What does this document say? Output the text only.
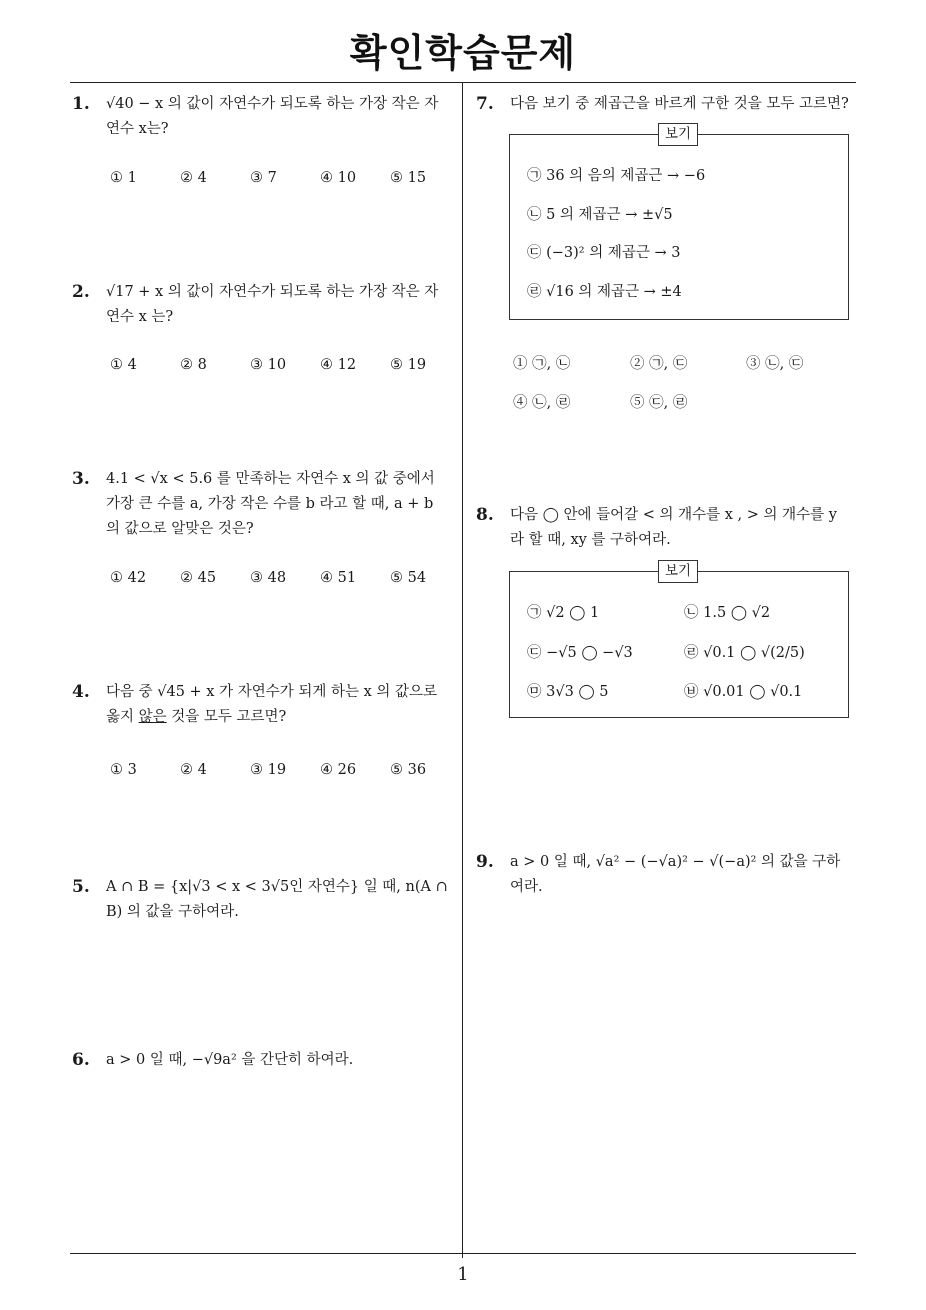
확인학습문제
1
1. √40 − x 의 값이 자연수가 되도록 하는 가장 작은 자
연수 x는?
① 1	② 4	③ 7	④ 10	⑤ 15
2. √17 + x 의 값이 자연수가 되도록 하는 가장 작은 자
연수 x 는?
① 4	② 8	③ 10	④ 12	⑤ 19
3. 4.1 < √x < 5.6 를 만족하는 자연수 x 의 값 중에서
가장 큰 수를 a, 가장 작은 수를 b 라고 할 때, a + b
의 값으로 알맞은 것은?
① 42	② 45	③ 48	④ 51	⑤ 54
4. 다음 중 √45 + x 가 자연수가 되게 하는 x 의 값으로
옳지 않은 것을 모두 고르면?
① 3	② 4	③ 19	④ 26	⑤ 36
5. A ∩ B = {x|√3 < x < 3√5인 자연수} 일 때, n(A ∩
B) 의 값을 구하여라.
6. a > 0 일 때, −√9a² 을 간단히 하여라.
7. 다음 보기 중 제곱근을 바르게 구한 것을 모두 고르면?
보기
㉠ 36 의 음의 제곱근 → −6
㉡ 5 의 제곱근 → ±√5
㉢ (−3)² 의 제곱근 → 3
㉣ √16 의 제곱근 → ±4
① ㉠, ㉡	② ㉠, ㉢	③ ㉡, ㉢
④ ㉡, ㉣	⑤ ㉢, ㉣
8. 다음 ◯ 안에 들어갈 < 의 개수를 x , > 의 개수를 y
라 할 때, xy 를 구하여라.
보기
㉠ √2 ◯ 1	㉡ 1.5 ◯ √2
㉢ −√5 ◯ −√3	㉣ √0.1 ◯ √(2/5)
㉤ 3√3 ◯ 5	㉥ √0.01 ◯ √0.1
9. a > 0 일 때, √a² − (−√a)² − √(−a)² 의 값을 구하
여라.
